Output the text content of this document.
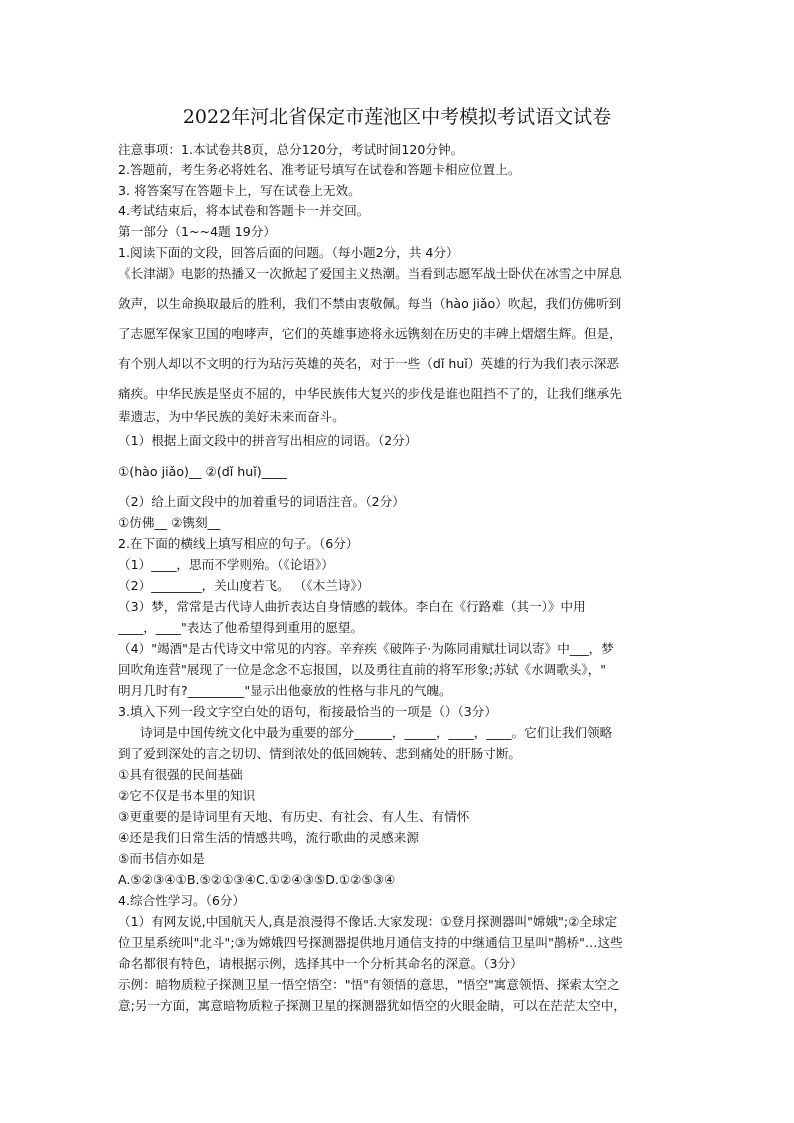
2022年河北省保定市莲池区中考模拟考试语文试卷
注意事项：1.本试卷共8页，总分120分，考试时间120分钟。
2.答题前，考生务必将姓名、准考证号填写在试卷和答题卡相应位置上。
3. 将答案写在答题卡上，写在试卷上无效。
4.考试结束后，将本试卷和答题卡一并交回。
第一部分（1~~4题 19分）
1.阅读下面的文段，回答后面的问题。（每小题2分，共 4分）
《长津湖》电影的热播又一次掀起了爱国主义热潮。当看到志愿军战士卧伏在冰雪之中屏息
敛声，以生命换取最后的胜利，我们不禁由衷敬佩。每当（hào jiǎo）吹起，我们仿佛听到
了志愿军保家卫国的咆哮声，它们的英雄事迹将永远镌刻在历史的丰碑上熠熠生辉。但是，
有个别人却以不文明的行为玷污英雄的英名，对于一些（dǐ huǐ）英雄的行为我们表示深恶
痛疾。中华民族是坚贞不屈的，中华民族伟大复兴的步伐是谁也阻挡不了的，让我们继承先
辈遗志，为中华民族的美好未来而奋斗。
（1）根据上面文段中的拼音写出相应的词语。（2分）
①(hào jiǎo)__ ②(dǐ huǐ)____
（2）给上面文段中的加着重号的词语注音。（2分）
①仿佛__ ②镌刻__
2.在下面的横线上填写相应的句子。（6分）
（1）____，思而不学则殆。（《论语》）
（2）________，关山度若飞。 （《木兰诗》）
（3）梦，常常是古代诗人曲折表达自身情感的载体。李白在《行路难（其一）》中用
____，____"表达了他希望得到重用的愿望。
（4）"竭酒"是古代诗文中常见的内容。辛弃疾《破阵子·为陈同甫赋壮词以寄》中___，梦
回吹角连营"展现了一位是念念不忘报国，以及勇往直前的将军形象;苏轼《水调歌头》，"
明月几时有?_________"显示出他豪放的性格与非凡的气魄。
3.填入下列一段文字空白处的语句，衔接最恰当的一项是（）（3分）
诗词是中国传统文化中最为重要的部分______，_____，____，____。它们让我们领略
到了爱到深处的言之切切、情到浓处的低回婉转、悲到痛处的肝肠寸断。
①具有很强的民间基础
②它不仅是书本里的知识
③更重要的是诗词里有天地、有历史、有社会、有人生、有情怀
④还是我们日常生活的情感共鸣，流行歌曲的灵感来源
⑤而书信亦如是
A.⑤②③④①B.⑤②①③④C.①②④③⑤D.①②⑤③④
4.综合性学习。（6分）
（1）有网友说,中国航天人,真是浪漫得不像话.大家发现：①登月探测器叫"嫦娥";②全球定
位卫星系统叫"北斗";③为嫦娥四号探测器提供地月通信支持的中继通信卫星叫"鹊桥"…这些
命名都很有特色，请根据示例，选择其中一个分析其命名的深意。（3分）
示例：暗物质粒子探测卫星一悟空悟空："悟"有领悟的意思，"悟空"寓意领悟、探索太空之
意;另一方面，寓意暗物质粒子探测卫星的探测器犹如悟空的火眼金睛，可以在茫茫太空中，
